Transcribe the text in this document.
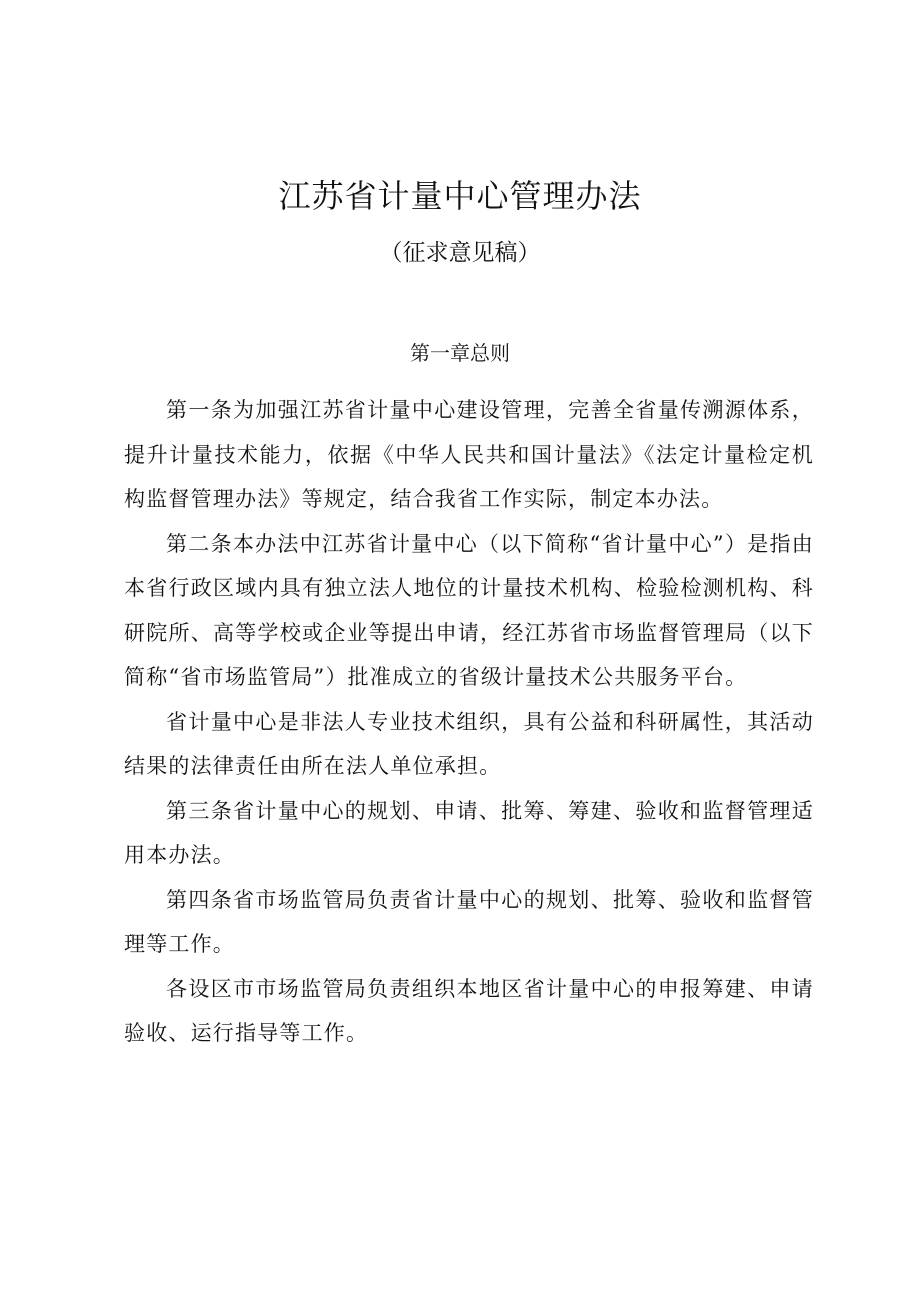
江苏省计量中心管理办法
（征求意见稿）
第一章总则

第一条为加强江苏省计量中心建设管理，完善全省量传溯源体系，提升计量技术能力，依据《中华人民共和国计量法》《法定计量检定机构监督管理办法》等规定，结合我省工作实际，制定本办法。

第二条本办法中江苏省计量中心（以下简称“省计量中心”）是指由本省行政区域内具有独立法人地位的计量技术机构、检验检测机构、科研院所、高等学校或企业等提出申请，经江苏省市场监督管理局（以下简称“省市场监管局”）批准成立的省级计量技术公共服务平台。

省计量中心是非法人专业技术组织，具有公益和科研属性，其活动结果的法律责任由所在法人单位承担。

第三条省计量中心的规划、申请、批筹、筹建、验收和监督管理适用本办法。

第四条省市场监管局负责省计量中心的规划、批筹、验收和监督管理等工作。

各设区市市场监管局负责组织本地区省计量中心的申报筹建、申请验收、运行指导等工作。
